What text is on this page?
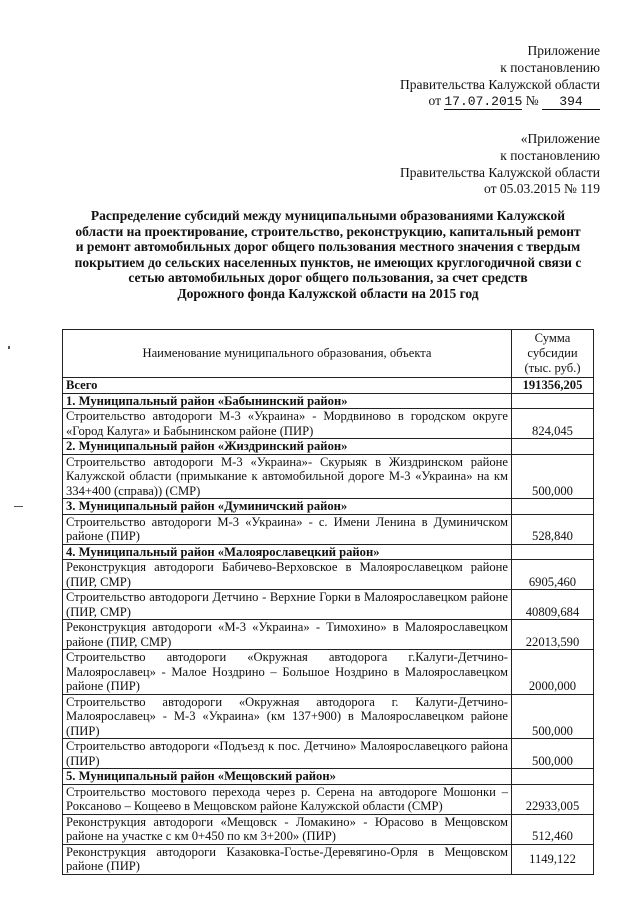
Приложение
к постановлению
Правительства Калужской области
от 17.07.2015 № 394
«Приложение
к постановлению
Правительства Калужской области
от 05.03.2015 № 119
Распределение субсидий между муниципальными образованиями Калужской
области на проектирование, строительство, реконструкцию, капитальный ремонт
и ремонт автомобильных дорог общего пользования местного значения с твердым
покрытием до сельских населенных пунктов, не имеющих круглогодичной связи с
сетью автомобильных дорог общего пользования, за счет средств
Дорожного фонда Калужской области на 2015 год
Наименование муниципального образования, объекта	Сумма субсидии (тыс. руб.)
Всего	191356,205
1. Муниципальный район «Бабынинский район»	
Строительство автодороги М-3 «Украина» - Мордвиново в городском округе «Город Калуга» и Бабынинском районе (ПИР)	824,045
2. Муниципальный район «Жиздринский район»	
Строительство автодороги М-3 «Украина»- Скурыяк в Жиздринском районе Калужской области (примыкание к автомобильной дороге М-3 «Украина» на км 334+400 (справа)) (СМР)	500,000
3. Муниципальный район «Думиничский район»	
Строительство автодороги М-3 «Украина» - с. Имени Ленина в Думиничском районе (ПИР)	528,840
4. Муниципальный район «Малоярославецкий район»	
Реконструкция автодороги Бабичево-Верховское в Малоярославецком районе (ПИР, СМР)	6905,460
Строительство автодороги Детчино - Верхние Горки в Малоярославецком районе (ПИР, СМР)	40809,684
Реконструкция автодороги «М-3 «Украина» - Тимохино» в Малоярославецком районе (ПИР, СМР)	22013,590
Строительство автодороги «Окружная автодорога г.Калуги-Детчино-Малоярославец» - Малое Ноздрино – Большое Ноздрино в Малоярославецком районе (ПИР)	2000,000
Строительство автодороги «Окружная автодорога г. Калуги-Детчино-Малоярославец» - М-3 «Украина» (км 137+900) в Малоярославецком районе (ПИР)	500,000
Строительство автодороги «Подъезд к пос. Детчино» Малоярославецкого района (ПИР)	500,000
5. Муниципальный район «Мещовский район»	
Строительство мостового перехода через р. Серена на автодороге Мошонки – Роксаново – Кощеево в Мещовском районе Калужской области (СМР)	22933,005
Реконструкция автодороги «Мещовск - Ломакино» - Юрасово в Мещовском районе на участке с км 0+450 по км 3+200» (ПИР)	512,460
Реконструкция автодороги Казаковка-Гостье-Деревягино-Орля в Мещовском районе (ПИР)	1149,122
